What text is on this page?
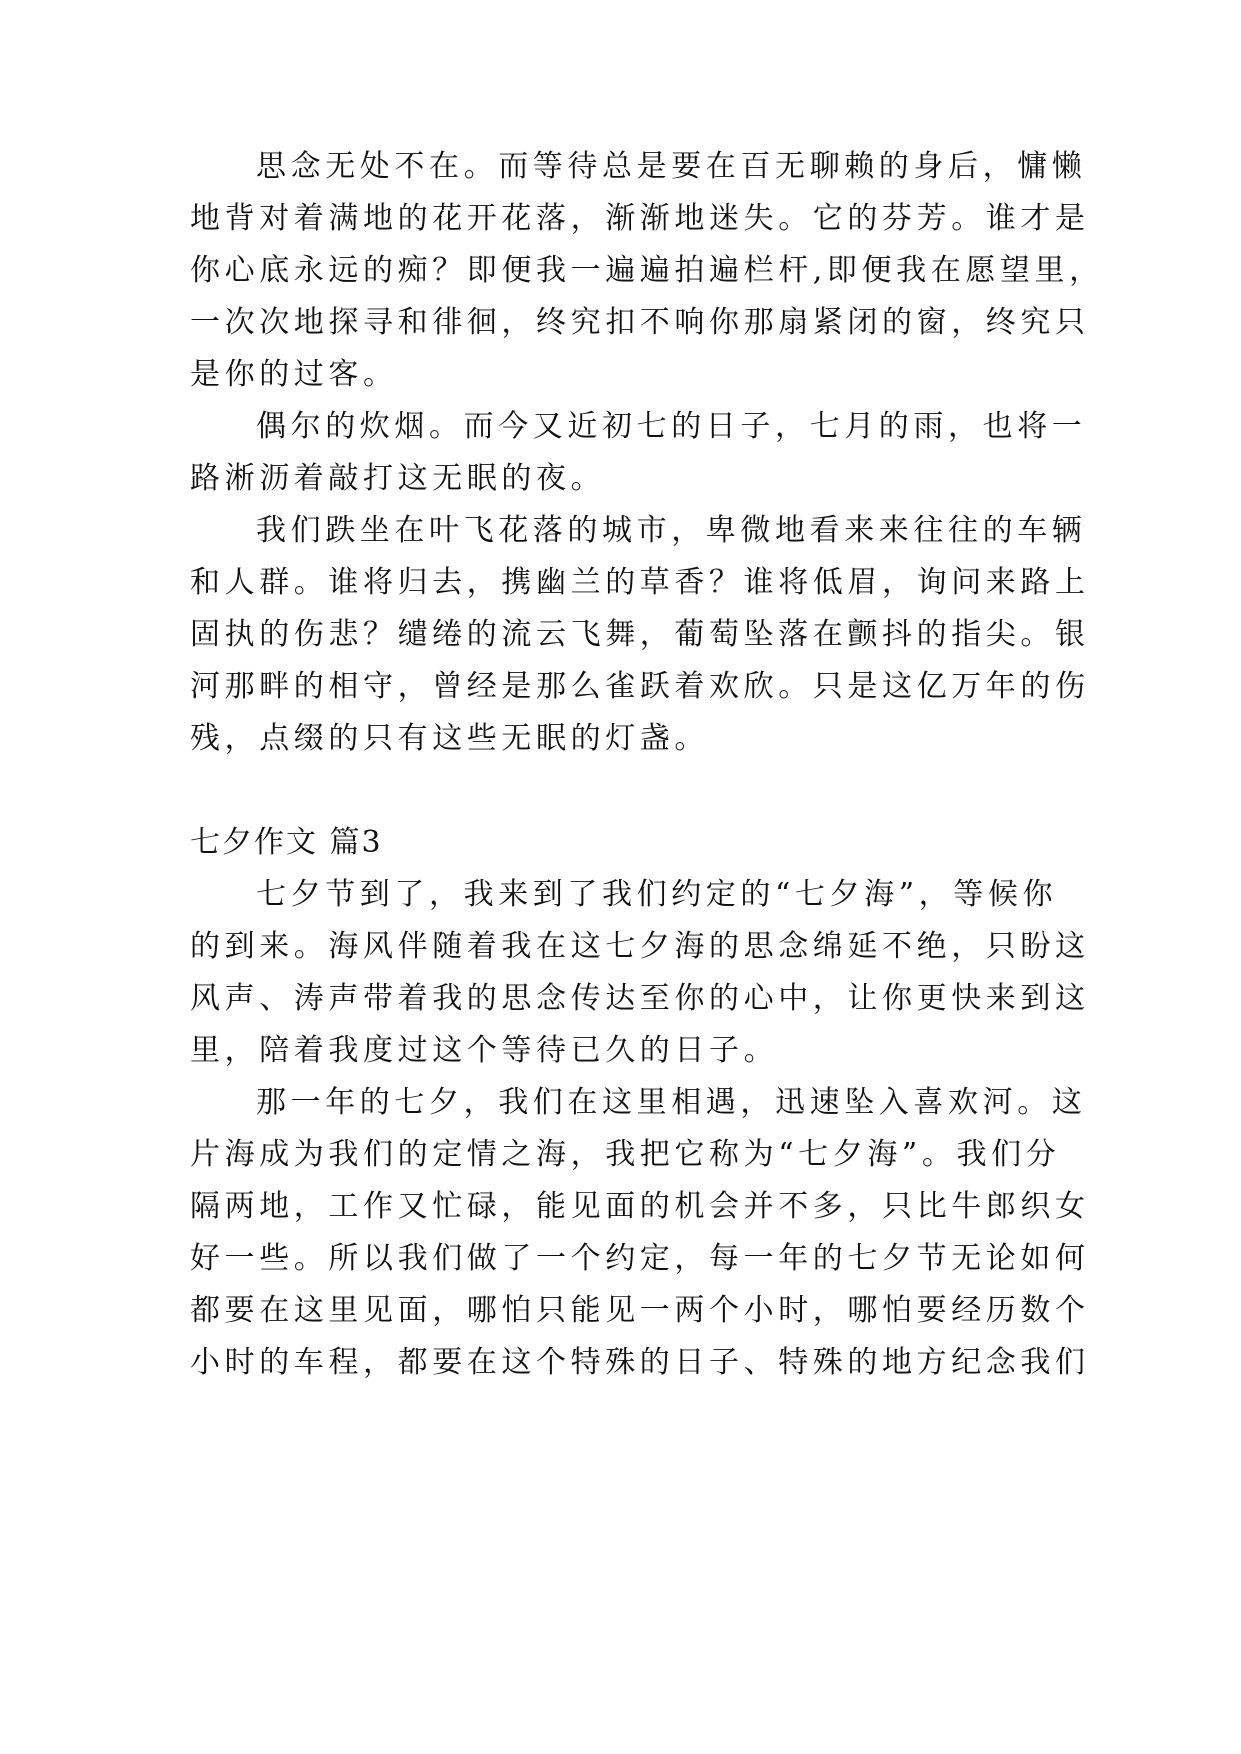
思念无处不在。而等待总是要在百无聊赖的身后，慵懒
地背对着满地的花开花落，渐渐地迷失。它的芬芳。谁才是
你心底永远的痴？即便我一遍遍拍遍栏杆,即便我在愿望里，
一次次地探寻和徘徊，终究扣不响你那扇紧闭的窗，终究只
是你的过客。
偶尔的炊烟。而今又近初七的日子，七月的雨，也将一
路淅沥着敲打这无眠的夜。
我们跌坐在叶飞花落的城市，卑微地看来来往往的车辆
和人群。谁将归去，携幽兰的草香？谁将低眉，询问来路上
固执的伤悲？缱绻的流云飞舞，葡萄坠落在颤抖的指尖。银
河那畔的相守，曾经是那么雀跃着欢欣。只是这亿万年的伤
残，点缀的只有这些无眠的灯盏。
七夕作文 篇3
七夕节到了，我来到了我们约定的“七夕海”，等候你
的到来。海风伴随着我在这七夕海的思念绵延不绝，只盼这
风声、涛声带着我的思念传达至你的心中，让你更快来到这
里，陪着我度过这个等待已久的日子。
那一年的七夕，我们在这里相遇，迅速坠入喜欢河。这
片海成为我们的定情之海，我把它称为“七夕海”。我们分
隔两地，工作又忙碌，能见面的机会并不多，只比牛郎织女
好一些。所以我们做了一个约定，每一年的七夕节无论如何
都要在这里见面，哪怕只能见一两个小时，哪怕要经历数个
小时的车程，都要在这个特殊的日子、特殊的地方纪念我们
